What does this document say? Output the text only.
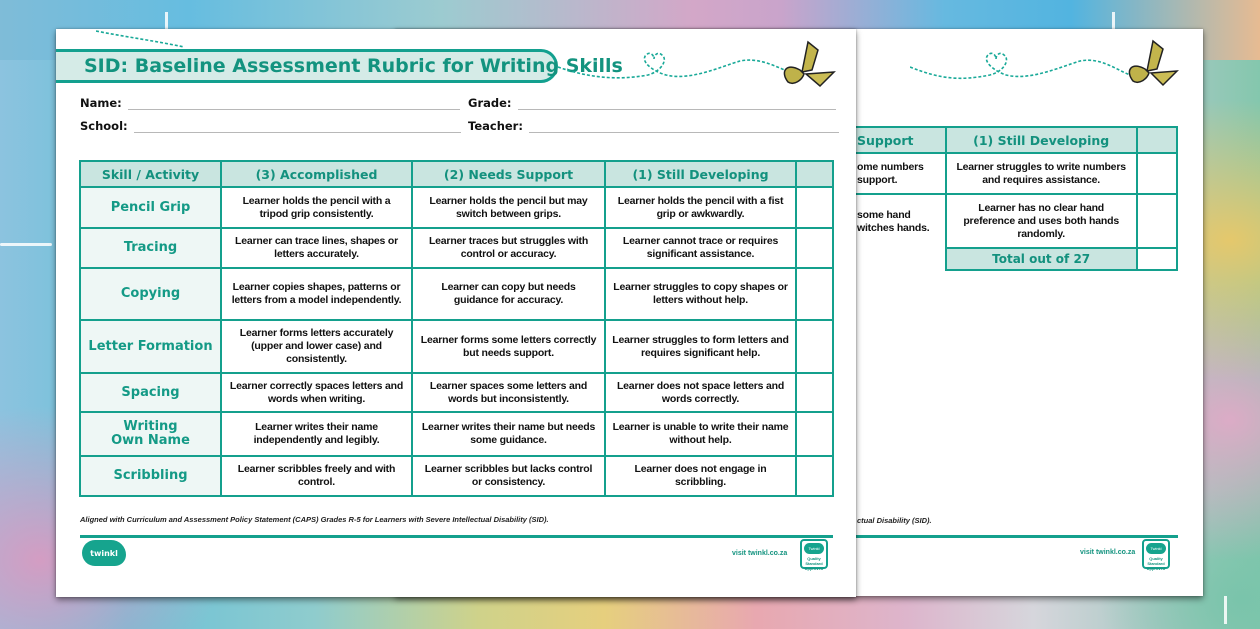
Support	(1) Still Developing	
ome numbers support.	Learner struggles to write numbers and requires assistance.	
some hand witches hands.	Learner has no clear hand preference and uses both hands randomly.	
	Total out of 27	
ctual Disability (SID).
visit twinkl.co.za
Twinkl
Quality Standard Approved
SID: Baseline Assessment Rubric for Writing Skills
Name:	Grade:
School:	Teacher:
Skill / Activity	(3) Accomplished	(2) Needs Support	(1) Still Developing	
Pencil Grip	Learner holds the pencil with a tripod grip consistently.	Learner holds the pencil but may switch between grips.	Learner holds the pencil with a fist grip or awkwardly.	
Tracing	Learner can trace lines, shapes or letters accurately.	Learner traces but struggles with control or accuracy.	Learner cannot trace or requires significant assistance.	
Copying	Learner copies shapes, patterns or letters from a model independently.	Learner can copy but needs guidance for accuracy.	Learner struggles to copy shapes or letters without help.	
Letter Formation	Learner forms letters accurately (upper and lower case) and consistently.	Learner forms some letters correctly but needs support.	Learner struggles to form letters and requires significant help.	
Spacing	Learner correctly spaces letters and words when writing.	Learner spaces some letters and words but inconsistently.	Learner does not space letters and words correctly.	
Writing Own Name	Learner writes their name independently and legibly.	Learner writes their name but needs some guidance.	Learner is unable to write their name without help.	
Scribbling	Learner scribbles freely and with control.	Learner scribbles but lacks control or consistency.	Learner does not engage in scribbling.	
Aligned with Curriculum and Assessment Policy Statement (CAPS) Grades R-5 for Learners with Severe Intellectual Disability (SID).
twinkl	visit twinkl.co.za
Twinkl
Quality Standard Approved
